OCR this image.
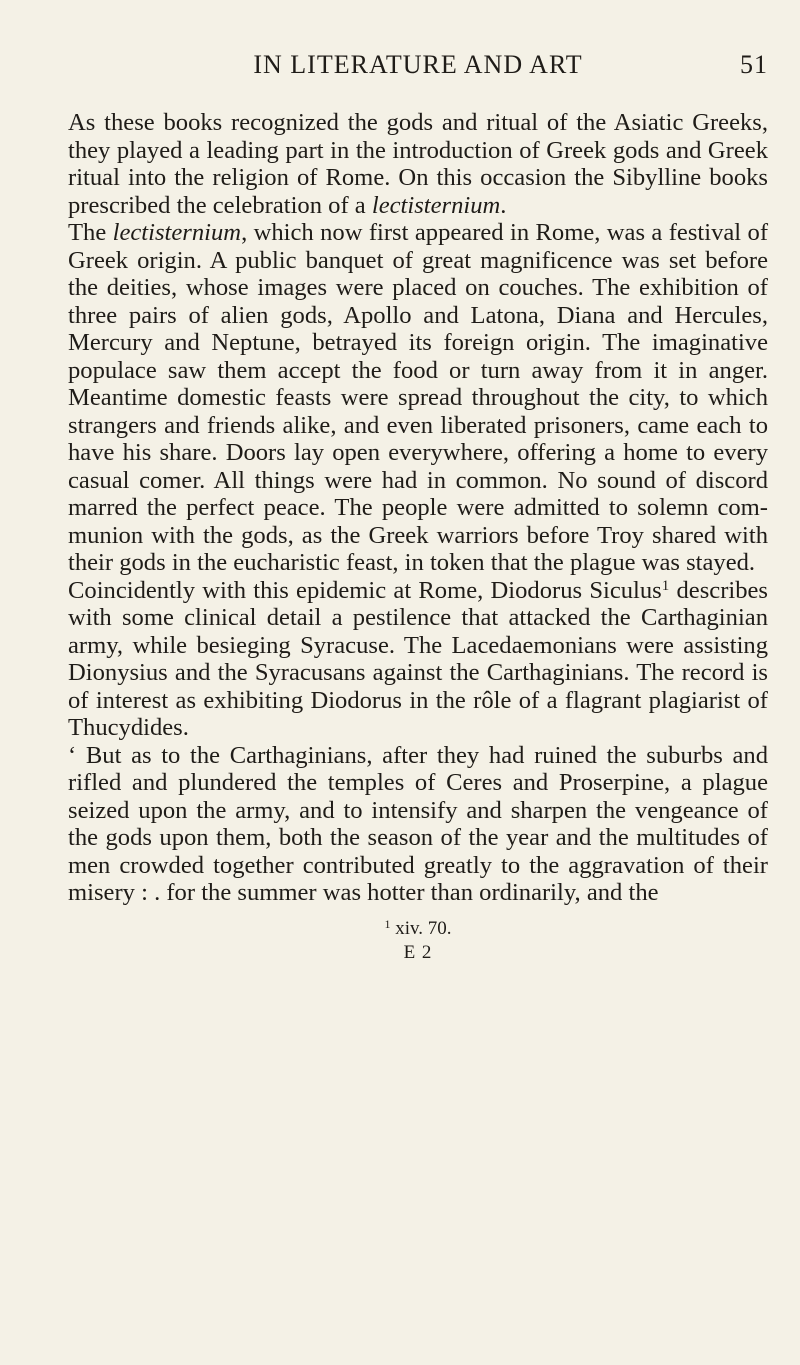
IN LITERATURE AND ART	51

As these books recognized the gods and ritual of the Asiatic Greeks, they played a leading part in the introduction of Greek gods and Greek ritual into the religion of Rome. On this occasion the Sibylline books prescribed the celebration of a lectisternium.

The lectisternium, which now first appeared in Rome, was a festival of Greek origin. A public banquet of great magnificence was set before the deities, whose images were placed on couches. The exhibition of three pairs of alien gods, Apollo and Latona, Diana and Hercules, Mercury and Neptune, betrayed its foreign origin. The imaginative populace saw them accept the food or turn away from it in anger. Meantime domestic feasts were spread throughout the city, to which strangers and friends alike, and even liberated prisoners, came each to have his share. Doors lay open everywhere, offering a home to every casual comer. All things were had in common. No sound of discord marred the perfect peace. The people were admitted to solemn com-munion with the gods, as the Greek warriors before Troy shared with their gods in the eucharistic feast, in token that the plague was stayed.

Coincidently with this epidemic at Rome, Diodorus Siculus$^1$ describes with some clinical detail a pestilence that attacked the Carthaginian army, while besieging Syracuse. The Lacedaemonians were assisting Dionysius and the Syracusans against the Carthaginians. The record is of interest as exhibiting Diodorus in the rôle of a flagrant plagiarist of Thucydides.

‘ But as to the Carthaginians, after they had ruined the suburbs and rifled and plundered the temples of Ceres and Proserpine, a plague seized upon the army, and to intensify and sharpen the vengeance of the gods upon them, both the season of the year and the multitudes of men crowded together contributed greatly to the aggravation of their misery : . for the summer was hotter than ordinarily, and the

$^1$ xiv. 70.
E 2
